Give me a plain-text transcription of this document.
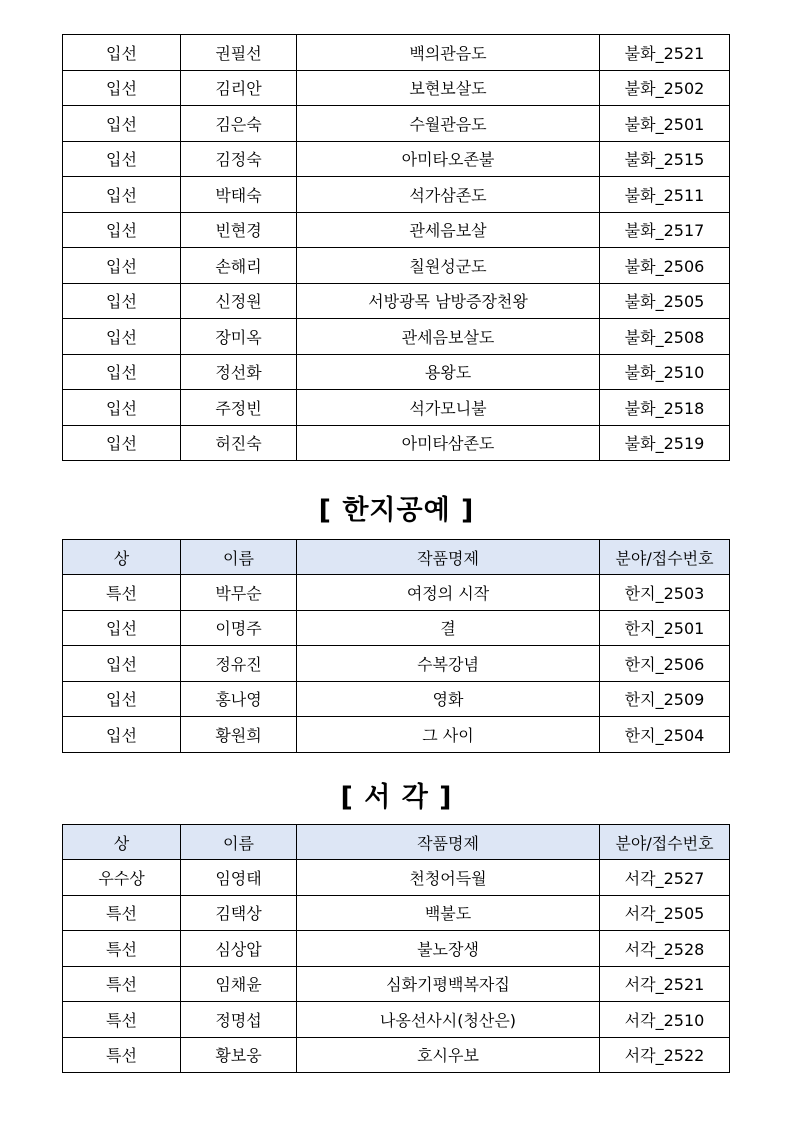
입선	권필선	백의관음도	불화_2521
입선	김리안	보현보살도	불화_2502
입선	김은숙	수월관음도	불화_2501
입선	김정숙	아미타오존불	불화_2515
입선	박태숙	석가삼존도	불화_2511
입선	빈현경	관세음보살	불화_2517
입선	손해리	칠원성군도	불화_2506
입선	신정원	서방광목 남방증장천왕	불화_2505
입선	장미옥	관세음보살도	불화_2508
입선	정선화	용왕도	불화_2510
입선	주정빈	석가모니불	불화_2518
입선	허진숙	아미타삼존도	불화_2519
[ 한지공예 ]
상	이름	작품명제	분야/접수번호
특선	박무순	여정의 시작	한지_2503
입선	이명주	결	한지_2501
입선	정유진	수복강념	한지_2506
입선	홍나영	영화	한지_2509
입선	황원희	그 사이	한지_2504
[ 서 각 ]
상	이름	작품명제	분야/접수번호
우수상	임영태	천청어득월	서각_2527
특선	김택상	백불도	서각_2505
특선	심상압	불노장생	서각_2528
특선	임채윤	심화기평백복자집	서각_2521
특선	정명섭	나옹선사시(청산은)	서각_2510
특선	황보웅	호시우보	서각_2522
